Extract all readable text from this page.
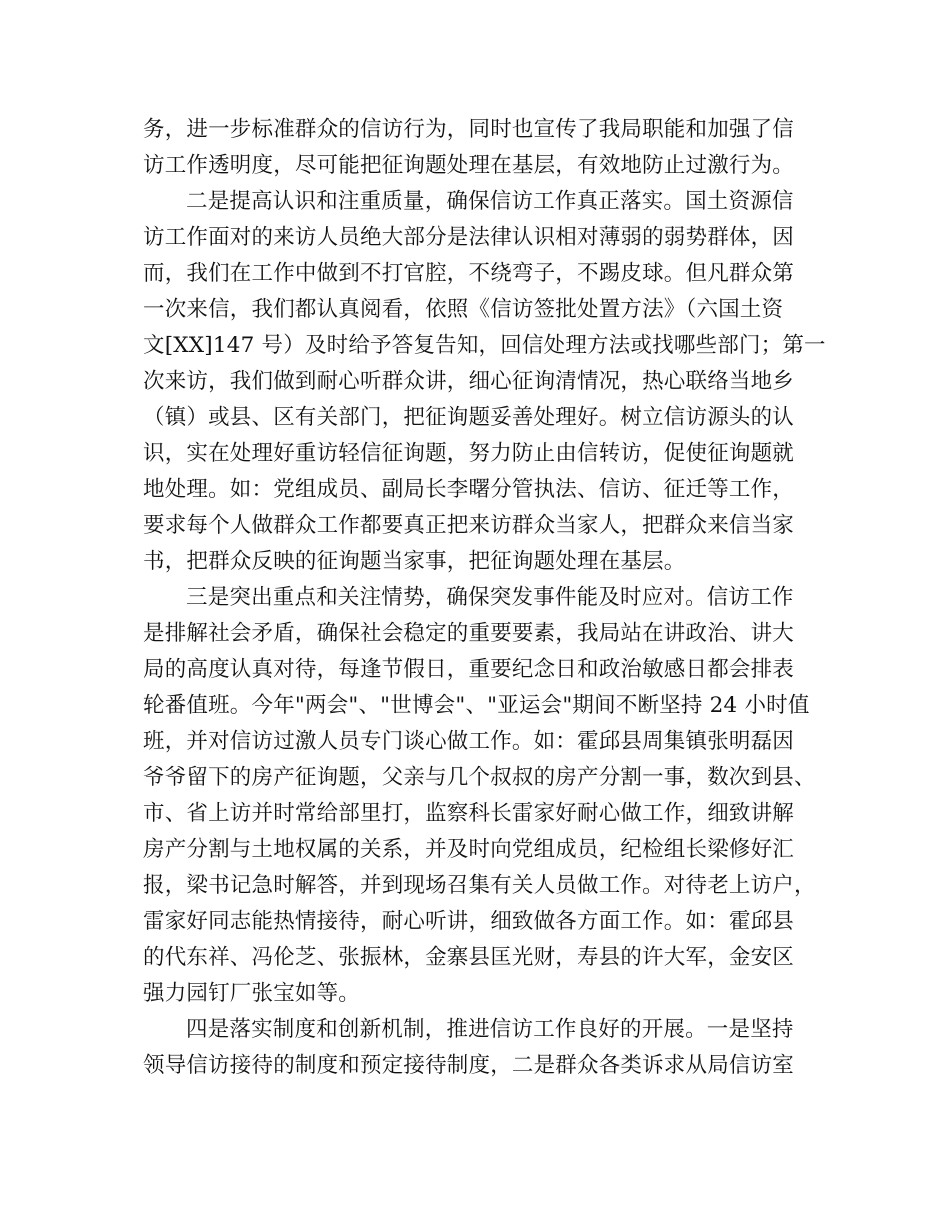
务，进一步标准群众的信访行为，同时也宣传了我局职能和加强了信
访工作透明度，尽可能把征询题处理在基层，有效地防止过激行为。
二是提高认识和注重质量，确保信访工作真正落实。国土资源信
访工作面对的来访人员绝大部分是法律认识相对薄弱的弱势群体，因
而，我们在工作中做到不打官腔，不绕弯子，不踢皮球。但凡群众第
一次来信，我们都认真阅看，依照《信访签批处置方法》（六国土资
文[XX]147 号）及时给予答复告知，回信处理方法或找哪些部门；第一
次来访，我们做到耐心听群众讲，细心征询清情况，热心联络当地乡
（镇）或县、区有关部门，把征询题妥善处理好。树立信访源头的认
识，实在处理好重访轻信征询题，努力防止由信转访，促使征询题就
地处理。如：党组成员、副局长李曙分管执法、信访、征迁等工作，
要求每个人做群众工作都要真正把来访群众当家人，把群众来信当家
书，把群众反映的征询题当家事，把征询题处理在基层。
三是突出重点和关注情势，确保突发事件能及时应对。信访工作
是排解社会矛盾，确保社会稳定的重要要素，我局站在讲政治、讲大
局的高度认真对待，每逢节假日，重要纪念日和政治敏感日都会排表
轮番值班。今年"两会"、"世博会"、"亚运会"期间不断坚持 24 小时值
班，并对信访过激人员专门谈心做工作。如：霍邱县周集镇张明磊因
爷爷留下的房产征询题，父亲与几个叔叔的房产分割一事，数次到县、
市、省上访并时常给部里打，监察科长雷家好耐心做工作，细致讲解
房产分割与土地权属的关系，并及时向党组成员，纪检组长梁修好汇
报，梁书记急时解答，并到现场召集有关人员做工作。对待老上访户，
雷家好同志能热情接待，耐心听讲，细致做各方面工作。如：霍邱县
的代东祥、冯伦芝、张振林，金寨县匡光财，寿县的许大军，金安区
强力园钉厂张宝如等。
四是落实制度和创新机制，推进信访工作良好的开展。一是坚持
领导信访接待的制度和预定接待制度，二是群众各类诉求从局信访室
